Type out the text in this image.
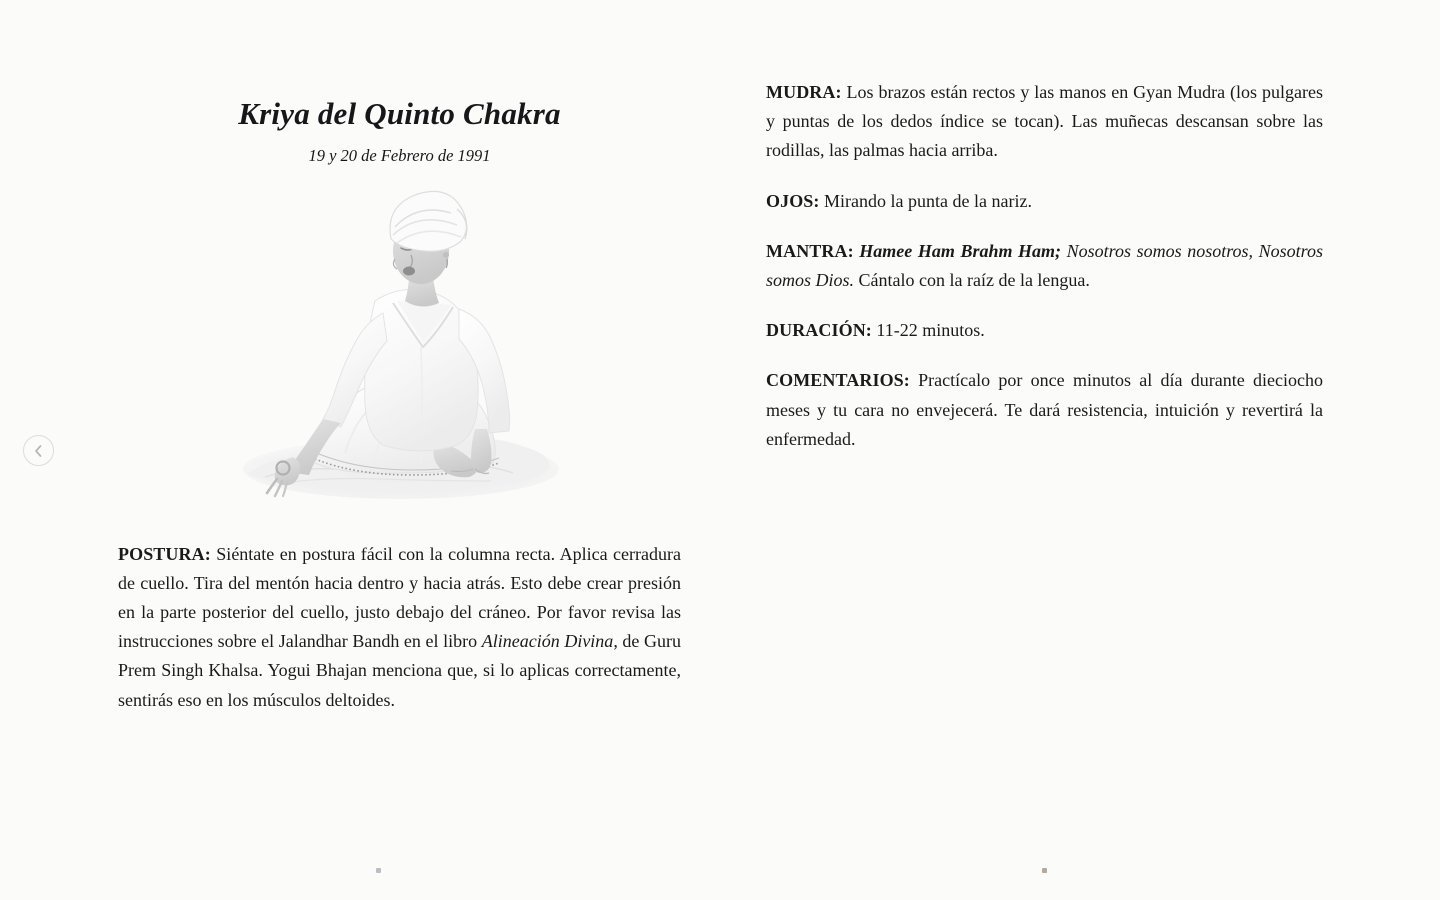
Kriya del Quinto Chakra
19 y 20 de Febrero de 1991

POSTURA: Siéntate en postura fácil con la columna recta. Aplica cerradura de cuello. Tira del mentón hacia dentro y hacia atrás. Esto debe crear presión en la parte posterior del cuello, justo debajo del cráneo. Por favor revisa las instrucciones sobre el Jalandhar Bandh en el libro Alineación Divina, de Guru Prem Singh Khalsa. Yogui Bhajan menciona que, si lo aplicas correctamente, sentirás eso en los músculos deltoides.

MUDRA: Los brazos están rectos y las manos en Gyan Mudra (los pulgares y puntas de los dedos índice se tocan). Las muñecas descansan sobre las rodillas, las palmas hacia arriba.

OJOS: Mirando la punta de la nariz.

MANTRA: Hamee Ham Brahm Ham; Nosotros somos nosotros, Nosotros somos Dios. Cántalo con la raíz de la lengua.

DURACIÓN: 11-22 minutos.

COMENTARIOS: Practícalo por once minutos al día durante dieciocho meses y tu cara no envejecerá. Te dará resistencia, intuición y revertirá la enfermedad.
